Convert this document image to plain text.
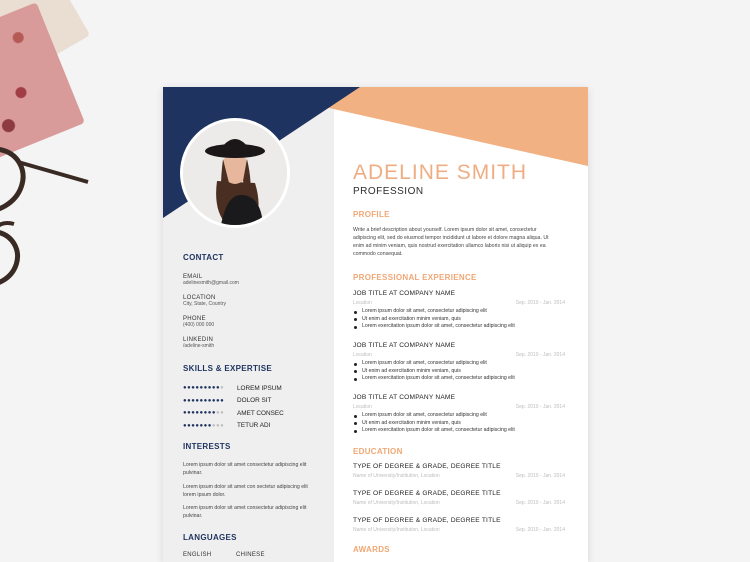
ADELINE SMITH
PROFESSION
PROFILE
Write a brief description about yourself. Lorem ipsum dolor sit amet, consectetur adipiscing elit, sed do eiusmod tempor incididunt ut labore et dolore magna aliqua. Ut enim ad minim veniam, quis nostrud exercitation ullamco laboris nisi ut aliquip ex ea commodo consequat.
PROFESSIONAL EXPERIENCE
JOB TITLE AT COMPANY NAME
Location	Sep. 2010 - Jan. 2014
Lorem ipsum dolor sit amet, consectetur adipiscing elit
Ut enim ad exercitation minim veniam, quis
Lorem exercitation ipsum dolor sit amet, consectetur adipiscing elit
JOB TITLE AT COMPANY NAME
Location	Sep. 2010 - Jan. 2014
Lorem ipsum dolor sit amet, consectetur adipiscing elit
Ut enim ad exercitation minim veniam, quis
Lorem exercitation ipsum dolor sit amet, consectetur adipiscing elit
JOB TITLE AT COMPANY NAME
Location	Sep. 2010 - Jan. 2014
Lorem ipsum dolor sit amet, consectetur adipiscing elit
Ut enim ad exercitation minim veniam, quis
Lorem exercitation ipsum dolor sit amet, consectetur adipiscing elit
EDUCATION
TYPE OF DEGREE & GRADE, DEGREE TITLE
Name of University/Institution, Location	Sep. 2010 - Jan. 2014
TYPE OF DEGREE & GRADE, DEGREE TITLE
Name of University/Institution, Location	Sep. 2010 - Jan. 2014
TYPE OF DEGREE & GRADE, DEGREE TITLE
Name of University/Institution, Location	Sep. 2010 - Jan. 2014
AWARDS
CONTACT
EMAIL
adelinesmith@gmail.com
LOCATION
City, State, Country
PHONE
(400) 000 000
LINKEDIN
/adeline-smith
SKILLS & EXPERTISE
●●●●●●●●●●	LOREM IPSUM
●●●●●●●●●●	DOLOR SIT
●●●●●●●●●●	AMET CONSEC
●●●●●●●●●●	TETUR ADI
INTERESTS
Lorem ipsum dolor sit amet consectetur adipiscing elit pulvinar.
Lorem ipsum dolor sit amet con sectetur adipiscing elit lorem ipsum dolor.
Lorem ipsum dolor sit amet consectetur adipiscing elit pulvinar.
LANGUAGES
ENGLISH	CHINESE
